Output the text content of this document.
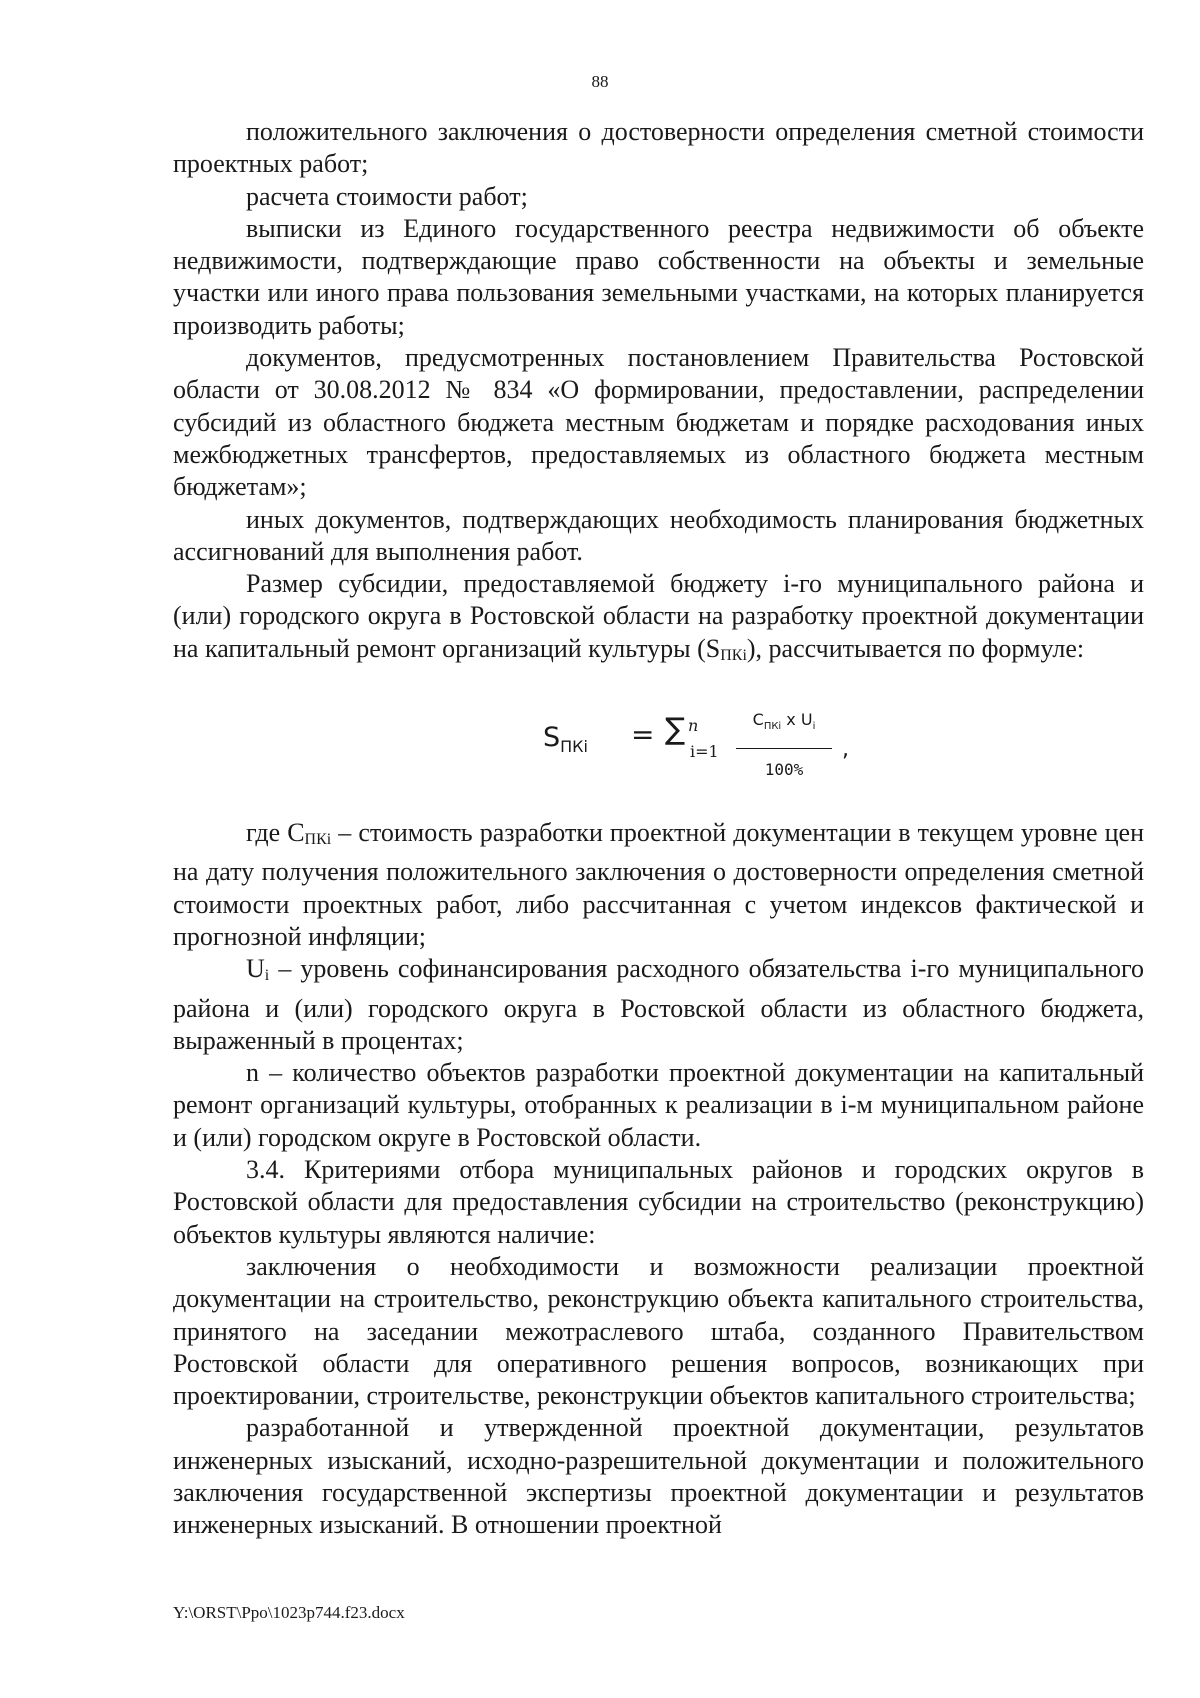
88

положительного заключения о достоверности определения сметной стоимости проектных работ;

расчета стоимости работ;

выписки из Единого государственного реестра недвижимости об объекте недвижимости, подтверждающие право собственности на объекты и земельные участки или иного права пользования земельными участками, на которых планируется производить работы;

документов, предусмотренных постановлением Правительства Ростовской области от 30.08.2012 № 834 «О формировании, предоставлении, распределении субсидий из областного бюджета местным бюджетам и порядке расходования иных межбюджетных трансфертов, предоставляемых из областного бюджета местным бюджетам»;

иных документов, подтверждающих необходимость планирования бюджетных ассигнований для выполнения работ.

Размер субсидии, предоставляемой бюджету i-го муниципального района и (или) городского округа в Ростовской области на разработку проектной документации на капитальный ремонт организаций культуры (SПКi), рассчитывается по формуле:

$S_{ПКi}$ = ∑ n
i=1
$C_{ПКi}$ x $U_i$
100%
,

где СПКi – стоимость разработки проектной документации в текущем уровне цен на дату получения положительного заключения о достоверности определения сметной стоимости проектных работ, либо рассчитанная с учетом индексов фактической и прогнозной инфляции;

Ui – уровень софинансирования расходного обязательства i-го муниципального района и (или) городского округа в Ростовской области из областного бюджета, выраженный в процентах;

n – количество объектов разработки проектной документации на капитальный ремонт организаций культуры, отобранных к реализации в i-м муниципальном районе и (или) городском округе в Ростовской области.

3.4. Критериями отбора муниципальных районов и городских округов в Ростовской области для предоставления субсидии на строительство (реконструкцию) объектов культуры являются наличие:

заключения о необходимости и возможности реализации проектной документации на строительство, реконструкцию объекта капитального строительства, принятого на заседании межотраслевого штаба, созданного Правительством Ростовской области для оперативного решения вопросов, возникающих при проектировании, строительстве, реконструкции объектов капитального строительства;

разработанной и утвержденной проектной документации, результатов инженерных изысканий, исходно-разрешительной документации и положительного заключения государственной экспертизы проектной документации и результатов инженерных изысканий. В отношении проектной

Y:\ORST\Ppo\1023p744.f23.docx
